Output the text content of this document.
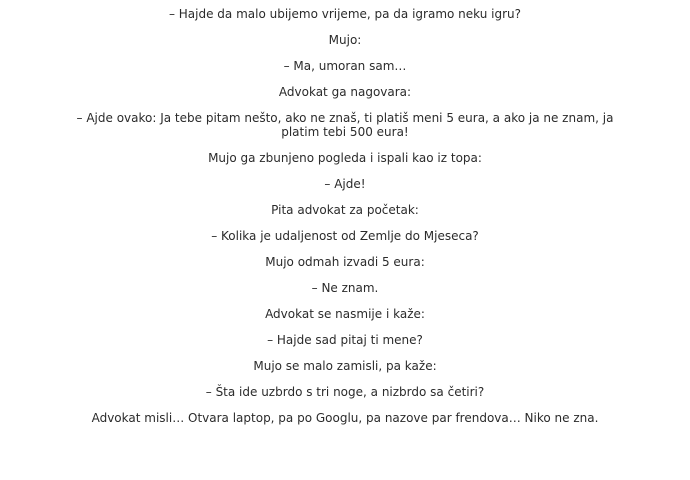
– Hajde da malo ubijemo vrijeme, pa da igramo neku igru?

Mujo:

– Ma, umoran sam…

Advokat ga nagovara:

– Ajde ovako: Ja tebe pitam nešto, ako ne znaš, ti platiš meni 5 eura, a ako ja ne znam, ja platim tebi 500 eura!

Mujo ga zbunjeno pogleda i ispali kao iz topa:

– Ajde!

Pita advokat za početak:

– Kolika je udaljenost od Zemlje do Mjeseca?

Mujo odmah izvadi 5 eura:

– Ne znam.

Advokat se nasmije i kaže:

– Hajde sad pitaj ti mene?

Mujo se malo zamisli, pa kaže:

– Šta ide uzbrdo s tri noge, a nizbrdo sa četiri?

Advokat misli… Otvara laptop, pa po Googlu, pa nazove par frendova… Niko ne zna.
